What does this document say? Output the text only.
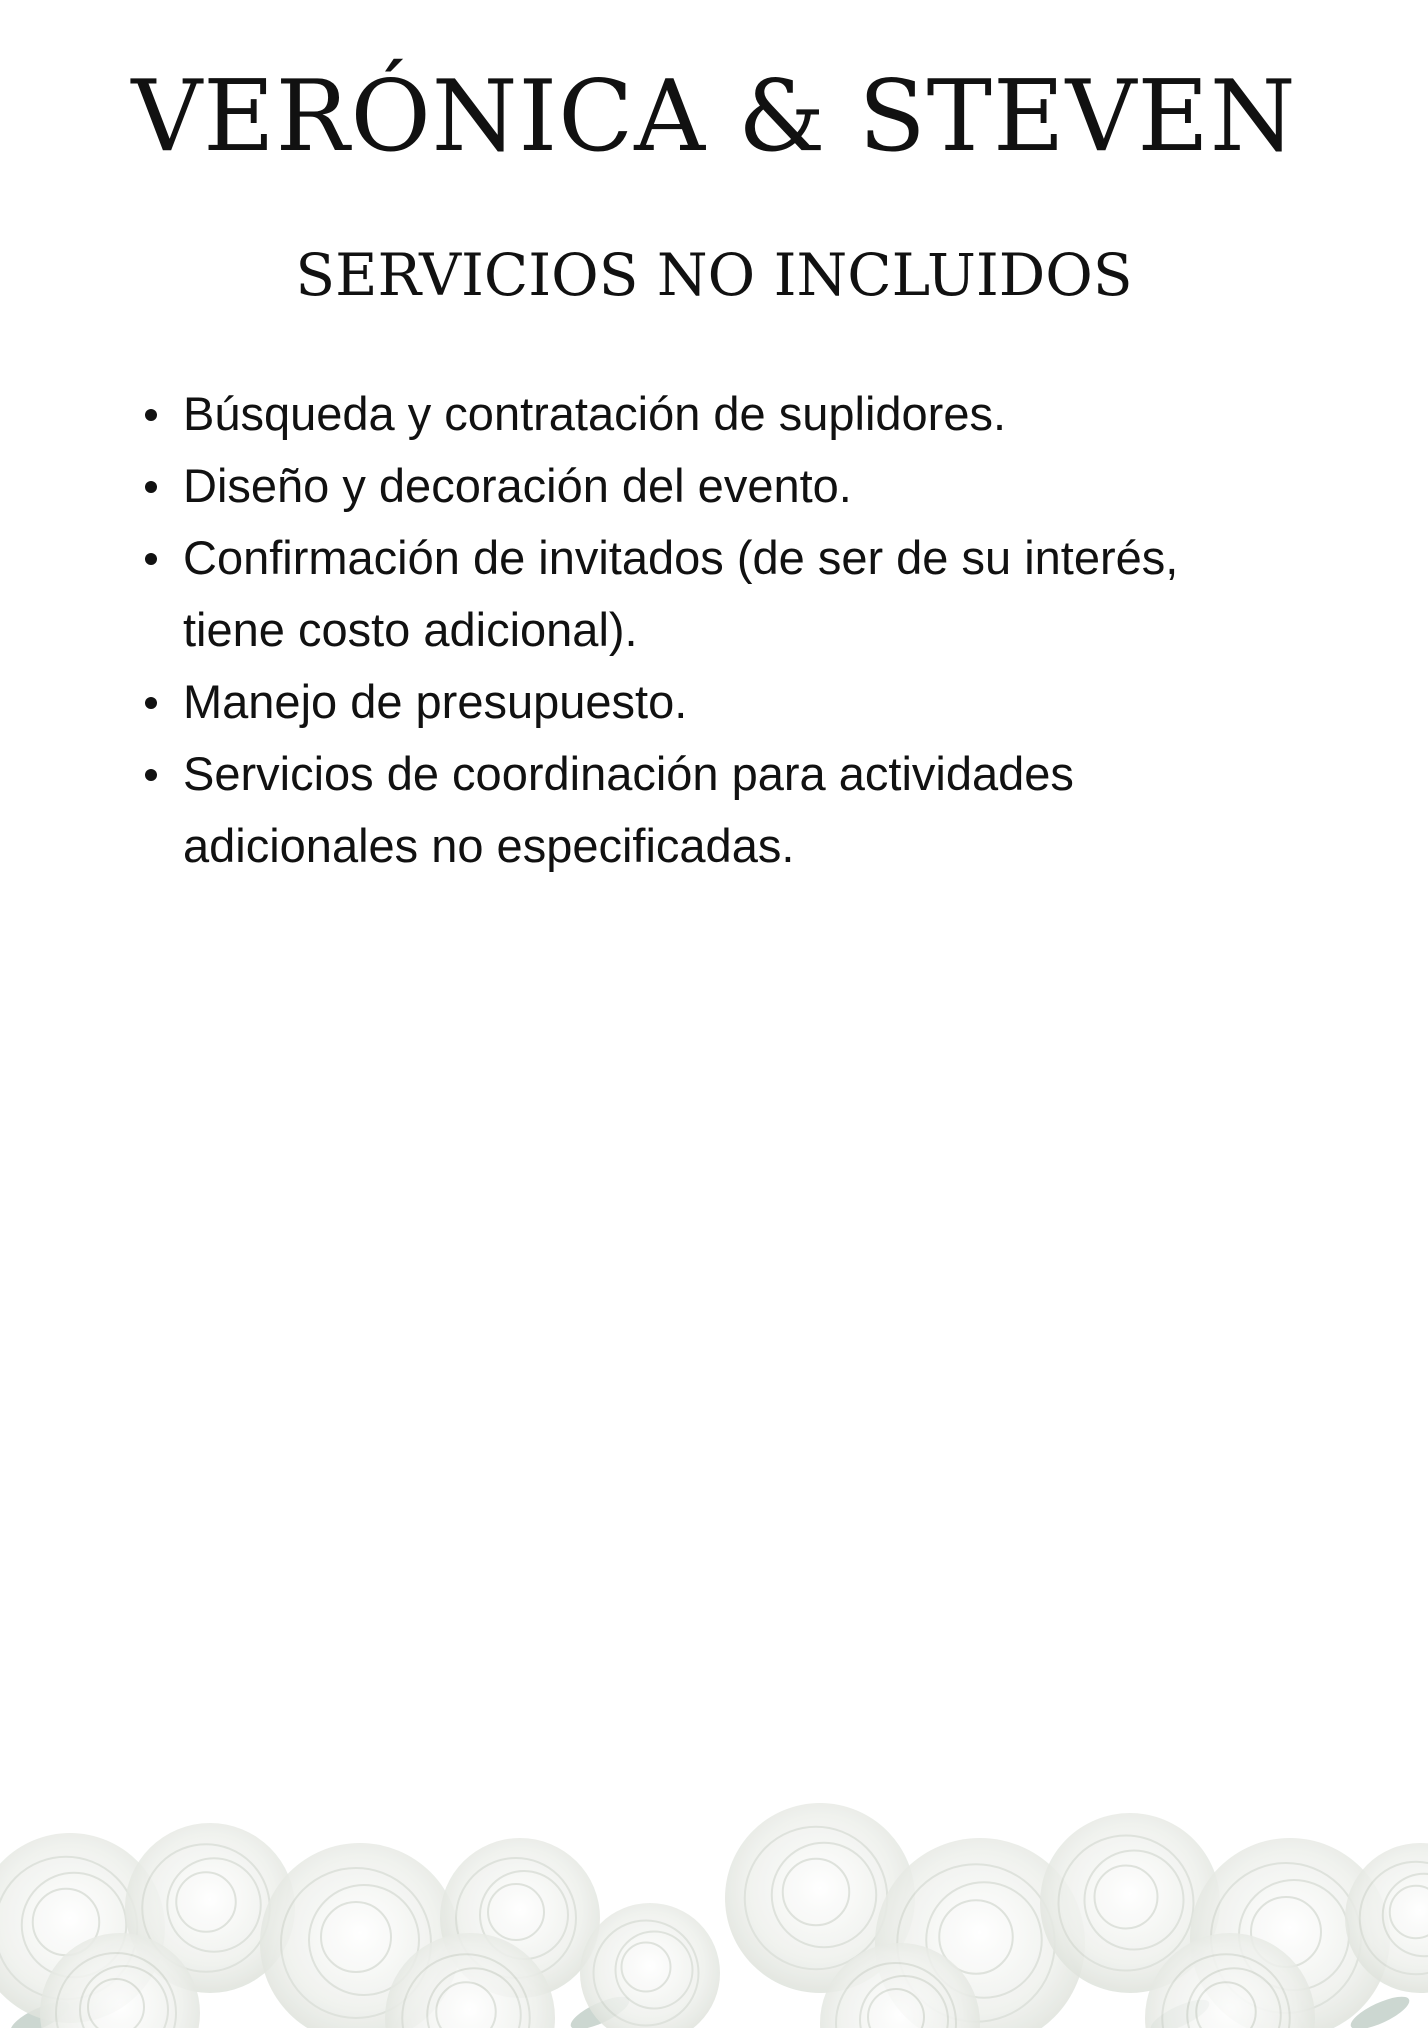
VERÓNICA & STEVEN
SERVICIOS NO INCLUIDOS
Búsqueda y contratación de suplidores.
Diseño y decoración del evento.
Confirmación de invitados (de ser de su interés, tiene costo adicional).
Manejo de presupuesto.
Servicios de coordinación para actividades adicionales no especificadas.
